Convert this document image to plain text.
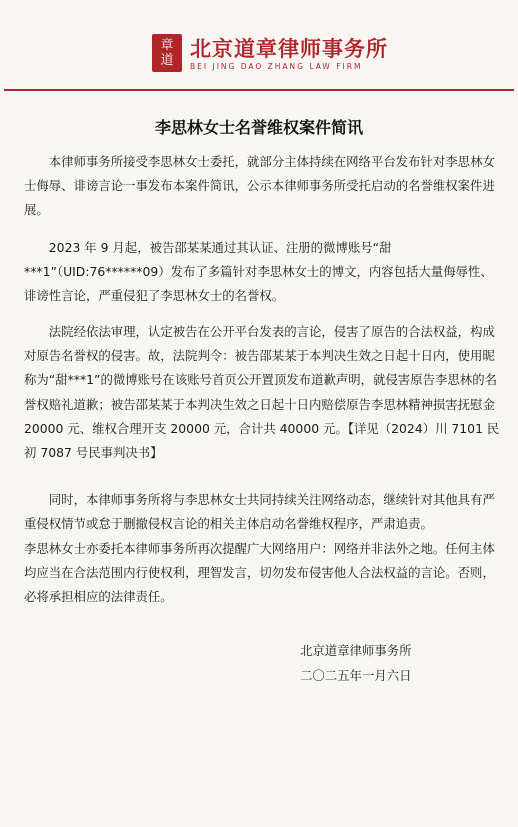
章
道 北京道章律师事务所
BEI JING DAO ZHANG LAW FIRM
李思林女士名誉维权案件简讯

本律师事务所接受李思林女士委托，就部分主体持续在网络平台发布针对李思林女士侮辱、诽谤言论一事发布本案件简讯，公示本律师事务所受托启动的名誉维权案件进展。

2023 年 9 月起，被告邵某某通过其认证、注册的微博账号“甜***1”（UID:76******09）发布了多篇针对李思林女士的博文，内容包括大量侮辱性、诽谤性言论，严重侵犯了李思林女士的名誉权。

法院经依法审理，认定被告在公开平台发表的言论，侵害了原告的合法权益，构成对原告名誉权的侵害。故，法院判令：被告邵某某于本判决生效之日起十日内，使用昵称为“甜***1”的微博账号在该账号首页公开置顶发布道歉声明，就侵害原告李思林的名誉权赔礼道歉；被告邵某某于本判决生效之日起十日内赔偿原告李思林精神损害抚慰金 20000 元、维权合理开支 20000 元，合计共 40000 元。【详见（2024）川 7101 民初 7087 号民事判决书】

同时，本律师事务所将与李思林女士共同持续关注网络动态，继续针对其他具有严重侵权情节或怠于删撤侵权言论的相关主体启动名誉维权程序，严肃追责。

李思林女士亦委托本律师事务所再次提醒广大网络用户：网络并非法外之地。任何主体均应当在合法范围内行使权利，理智发言，切勿发布侵害他人合法权益的言论。否则，必将承担相应的法律责任。

北京道章律师事务所
二〇二五年一月六日
